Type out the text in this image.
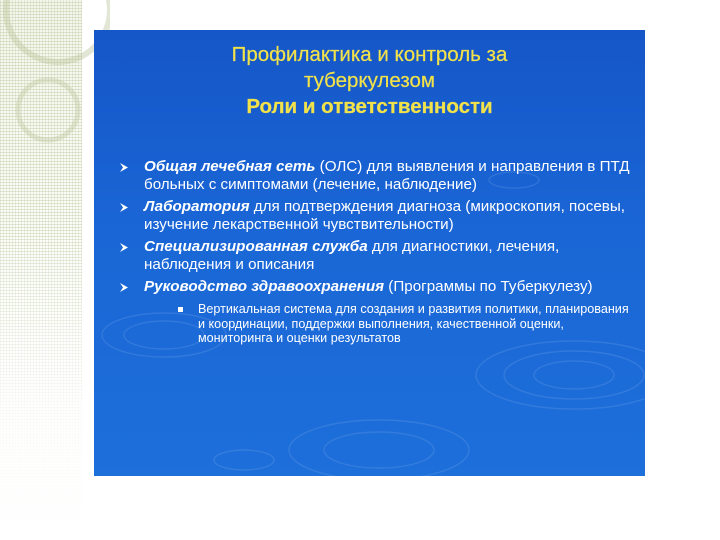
Профилактика и контроль за
туберкулезом
Роли и ответственности
Общая лечебная сеть (ОЛС) для выявления и направления в ПТД больных с симптомами (лечение, наблюдение)
Лаборатория для подтверждения диагноза (микроскопия, посевы, изучение лекарственной чувствительности)
Специализированная служба для диагностики, лечения, наблюдения и описания
Руководство здравоохранения (Программы по Туберкулезу)
Вертикальная система для создания и развития политики, планирования и координации, поддержки выполнения, качественной оценки, мониторинга и оценки результатов
